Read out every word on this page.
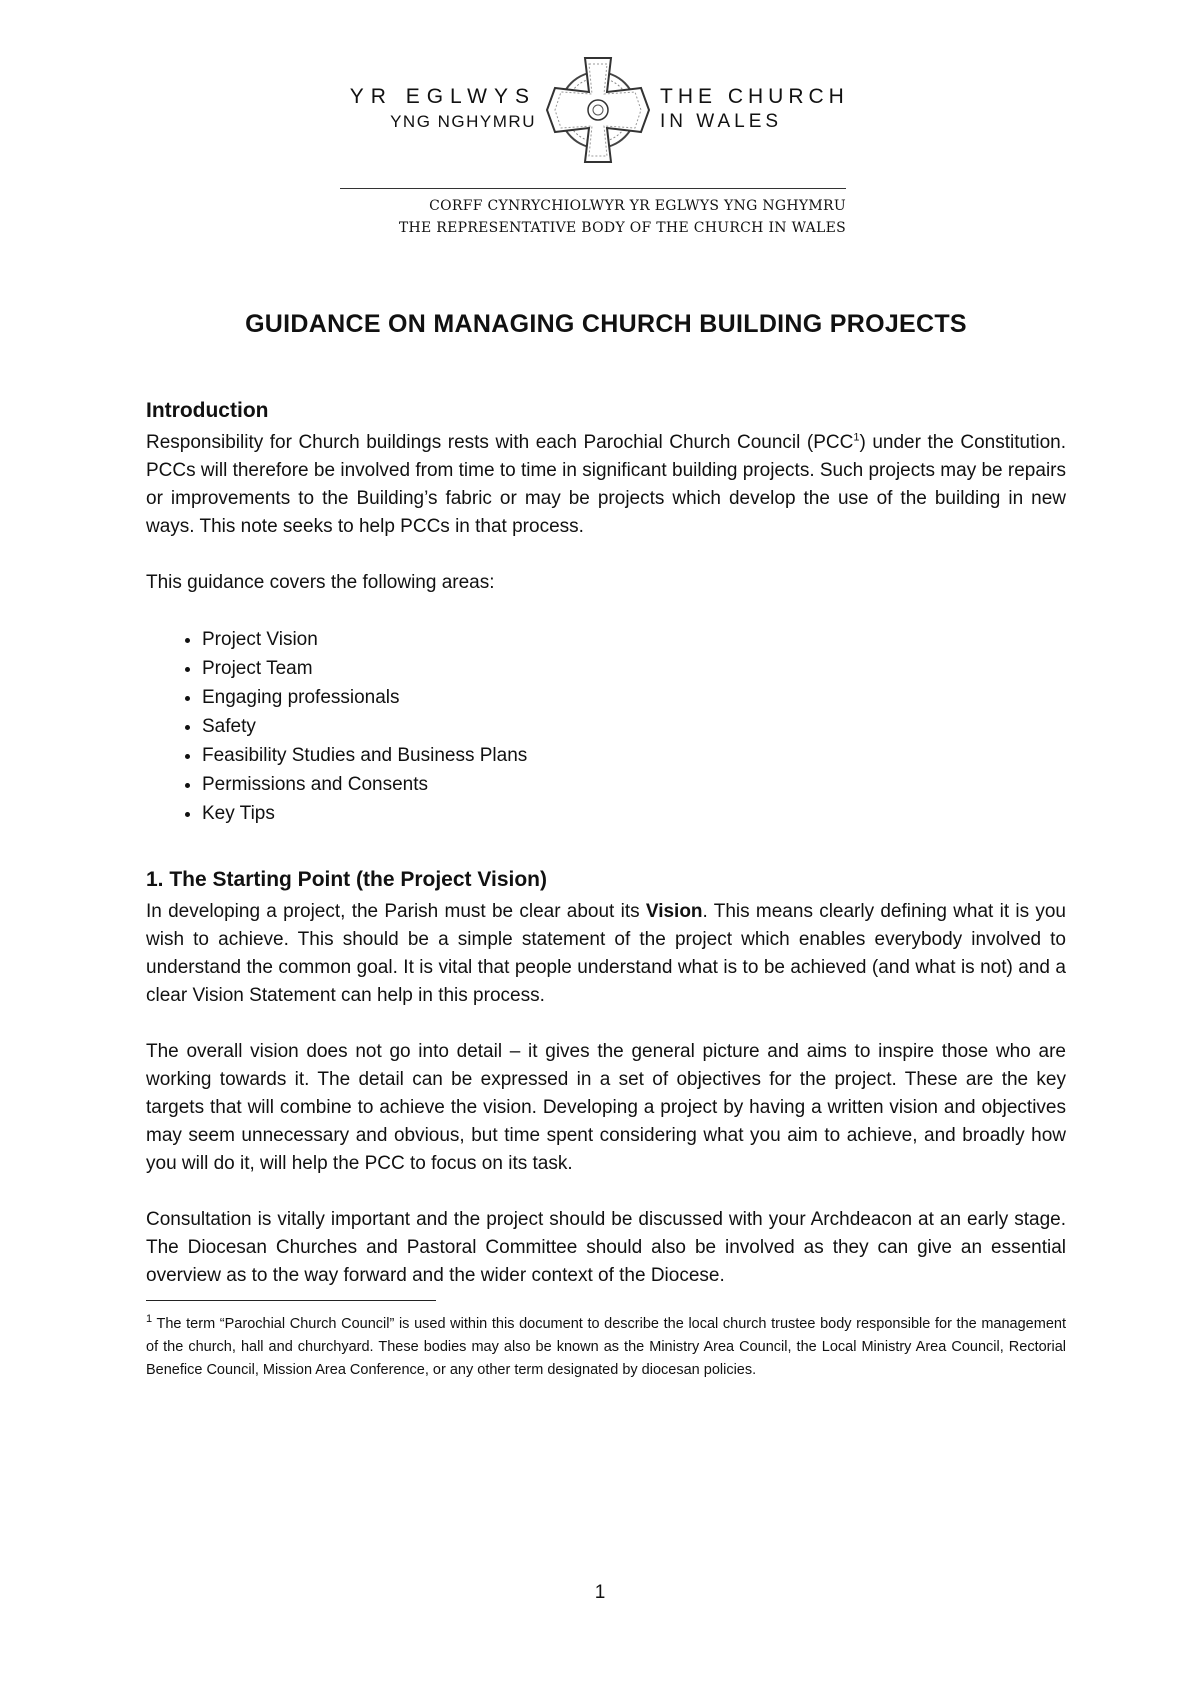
YR EGLWYS
YNG NGHYMRU
THE CHURCH
IN WALES
CORFF CYNRYCHIOLWYR YR EGLWYS YNG NGHYMRU
THE REPRESENTATIVE BODY OF THE CHURCH IN WALES
GUIDANCE ON MANAGING CHURCH BUILDING PROJECTS
Introduction

Responsibility for Church buildings rests with each Parochial Church Council (PCC$^1$) under the Constitution. PCCs will therefore be involved from time to time in significant building projects. Such projects may be repairs or improvements to the Building’s fabric or may be projects which develop the use of the building in new ways. This note seeks to help PCCs in that process.

This guidance covers the following areas:

• Project Vision
• Project Team
• Engaging professionals
• Safety
• Feasibility Studies and Business Plans
• Permissions and Consents
• Key Tips
1. The Starting Point (the Project Vision)

In developing a project, the Parish must be clear about its Vision. This means clearly defining what it is you wish to achieve. This should be a simple statement of the project which enables everybody involved to understand the common goal. It is vital that people understand what is to be achieved (and what is not) and a clear Vision Statement can help in this process.

The overall vision does not go into detail – it gives the general picture and aims to inspire those who are working towards it. The detail can be expressed in a set of objectives for the project. These are the key targets that will combine to achieve the vision. Developing a project by having a written vision and objectives may seem unnecessary and obvious, but time spent considering what you aim to achieve, and broadly how you will do it, will help the PCC to focus on its task.

Consultation is vitally important and the project should be discussed with your Archdeacon at an early stage. The Diocesan Churches and Pastoral Committee should also be involved as they can give an essential overview as to the way forward and the wider context of the Diocese.

$^1$ The term “Parochial Church Council” is used within this document to describe the local church trustee body responsible for the management of the church, hall and churchyard. These bodies may also be known as the Ministry Area Council, the Local Ministry Area Council, Rectorial Benefice Council, Mission Area Conference, or any other term designated by diocesan policies.
1
